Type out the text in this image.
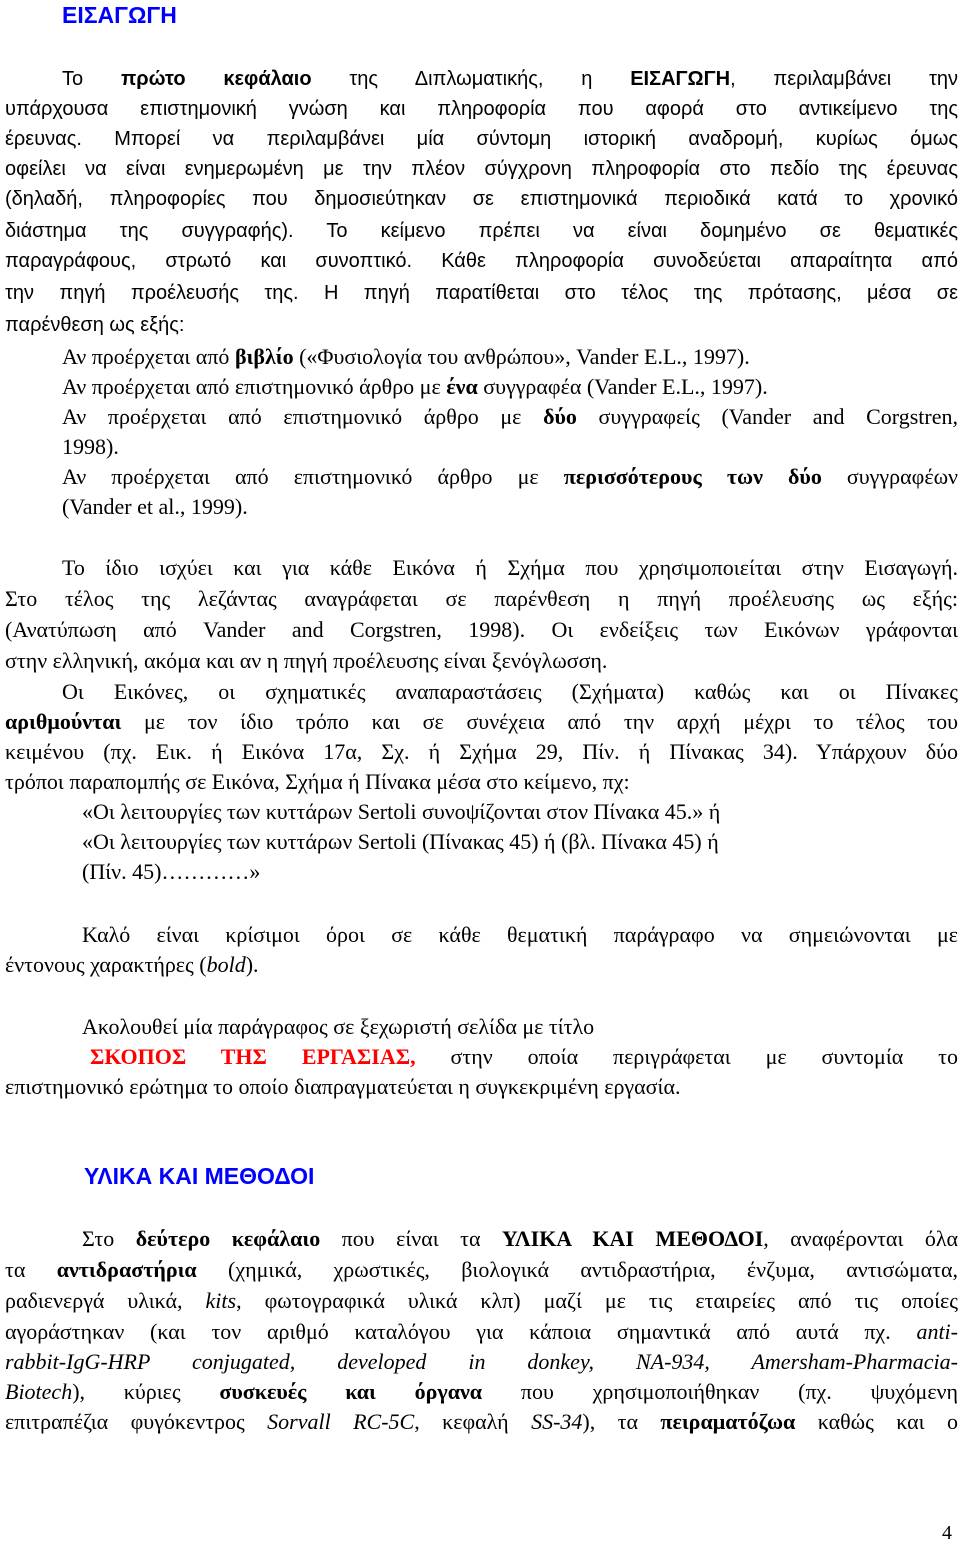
ΕΙΣΑΓΩΓΗ
Το πρώτο κεφάλαιο της Διπλωματικής, η ΕΙΣΑΓΩΓΗ, περιλαμβάνει την
υπάρχουσα επιστημονική γνώση και πληροφορία που αφορά στο αντικείμενο της
έρευνας. Μπορεί να περιλαμβάνει μία σύντομη ιστορική αναδρομή, κυρίως όμως
οφείλει να είναι ενημερωμένη με την πλέον σύγχρονη πληροφορία στο πεδίο της έρευνας
(δηλαδή, πληροφορίες που δημοσιεύτηκαν σε επιστημονικά περιοδικά κατά το χρονικό
διάστημα της συγγραφής). Το κείμενο πρέπει να είναι δομημένο σε θεματικές
παραγράφους, στρωτό και συνοπτικό. Κάθε πληροφορία συνοδεύεται απαραίτητα από
την πηγή προέλευσής της. Η πηγή παρατίθεται στο τέλος της πρότασης, μέσα σε
παρένθεση ως εξής:
Αν προέρχεται από βιβλίο («Φυσιολογία του ανθρώπου», Vander E.L., 1997).
Αν προέρχεται από επιστημονικό άρθρο με ένα συγγραφέα (Vander E.L., 1997).
Αν προέρχεται από επιστημονικό άρθρο με δύο συγγραφείς (Vander and Corgstren,
1998).
Αν προέρχεται από επιστημονικό άρθρο με περισσότερους των δύο συγγραφέων
(Vander et al., 1999).
Το ίδιο ισχύει και για κάθε Εικόνα ή Σχήμα που χρησιμοποιείται στην Εισαγωγή.
Στο τέλος της λεζάντας αναγράφεται σε παρένθεση η πηγή προέλευσης ως εξής:
(Ανατύπωση από Vander and Corgstren, 1998). Οι ενδείξεις των Εικόνων γράφονται
στην ελληνική, ακόμα και αν η πηγή προέλευσης είναι ξενόγλωσση.
Οι Εικόνες, οι σχηματικές αναπαραστάσεις (Σχήματα) καθώς και οι Πίνακες
αριθμούνται με τον ίδιο τρόπο και σε συνέχεια από την αρχή μέχρι το τέλος του
κειμένου (πχ. Εικ. ή Εικόνα 17α, Σχ. ή Σχήμα 29, Πίν. ή Πίνακας 34). Υπάρχουν δύο
τρόποι παραπομπής σε Εικόνα, Σχήμα ή Πίνακα μέσα στο κείμενο, πχ:
«Οι λειτουργίες των κυττάρων Sertoli συνοψίζονται στον Πίνακα 45.» ή
«Οι λειτουργίες των κυττάρων Sertoli (Πίνακας 45) ή (βλ. Πίνακα 45) ή
(Πίν. 45)…………»
Καλό είναι κρίσιμοι όροι σε κάθε θεματική παράγραφο να σημειώνονται με
έντονους χαρακτήρες (bold).
Ακολουθεί μία παράγραφος σε ξεχωριστή σελίδα με τίτλο
ΣΚΟΠΟΣ ΤΗΣ ΕΡΓΑΣΙΑΣ, στην οποία περιγράφεται με συντομία το
επιστημονικό ερώτημα το οποίο διαπραγματεύεται η συγκεκριμένη εργασία.
ΥΛΙΚΑ ΚΑΙ ΜΕΘΟΔΟΙ
Στο δεύτερο κεφάλαιο που είναι τα ΥΛΙΚΑ ΚΑΙ ΜΕΘΟΔΟΙ, αναφέρονται όλα
τα αντιδραστήρια (χημικά, χρωστικές, βιολογικά αντιδραστήρια, ένζυμα, αντισώματα,
ραδιενεργά υλικά, kits, φωτογραφικά υλικά κλπ) μαζί με τις εταιρείες από τις οποίες
αγοράστηκαν (και τον αριθμό καταλόγου για κάποια σημαντικά από αυτά πχ. anti-
rabbit-IgG-HRP conjugated, developed in donkey, NA-934, Amersham-Pharmacia-
Biotech), κύριες συσκευές και όργανα που χρησιμοποιήθηκαν (πχ. ψυχόμενη
επιτραπέζια φυγόκεντρος Sorvall RC-5C, κεφαλή SS-34), τα πειραματόζωα καθώς και ο
4
